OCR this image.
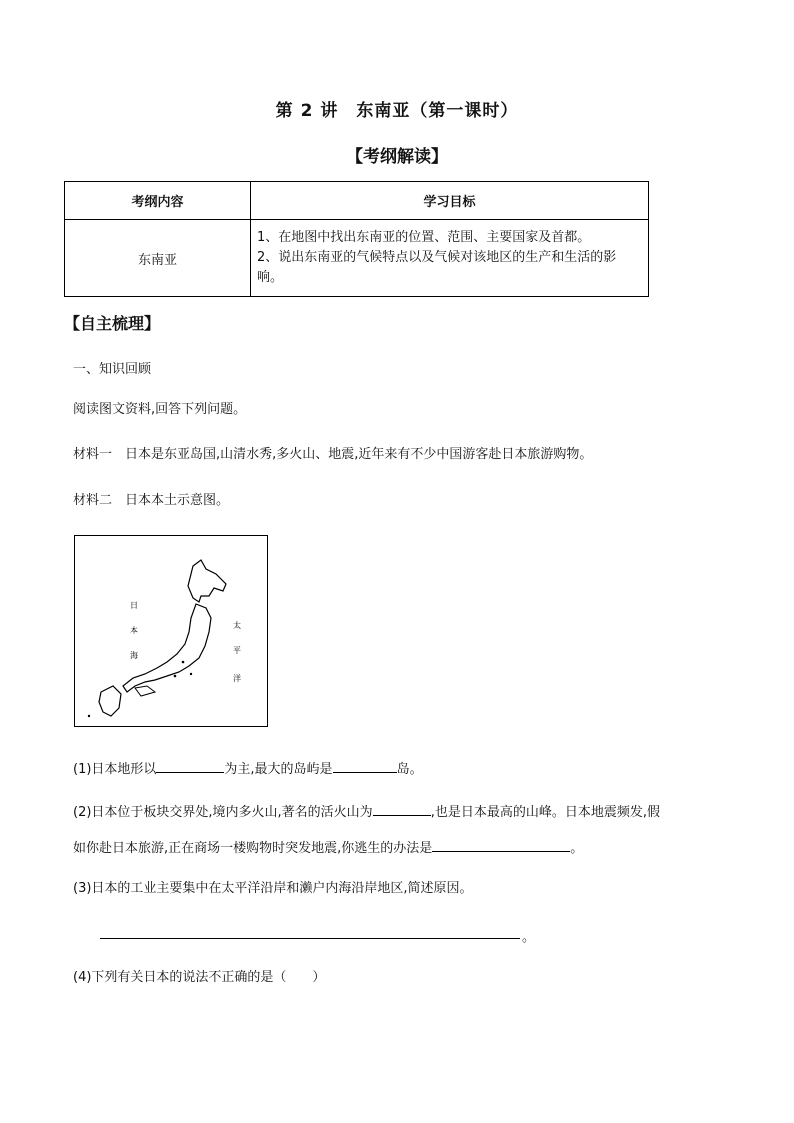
第 2 讲　东南亚（第一课时）
【考纲解读】
考纲内容	学习目标
东南亚	1、在地图中找出东南亚的位置、范围、主要国家及首都。
2、说出东南亚的气候特点以及气候对该地区的生产和生活的影响。
【自主梳理】
一、知识回顾
阅读图文资料,回答下列问题。
材料一　日本是东亚岛国,山清水秀,多火山、地震,近年来有不少中国游客赴日本旅游购物。
材料二　日本本土示意图。
日
本
海
太
平
洋
(1)日本地形以	为主,最大的岛屿是	岛。
(2)日本位于板块交界处,境内多火山,著名的活火山为	,也是日本最高的山峰。日本地震频发,假
如你赴日本旅游,正在商场一楼购物时突发地震,你逃生的办法是	。
(3)日本的工业主要集中在太平洋沿岸和濑户内海沿岸地区,简述原因。
。
(4)下列有关日本的说法不正确的是（　　）
